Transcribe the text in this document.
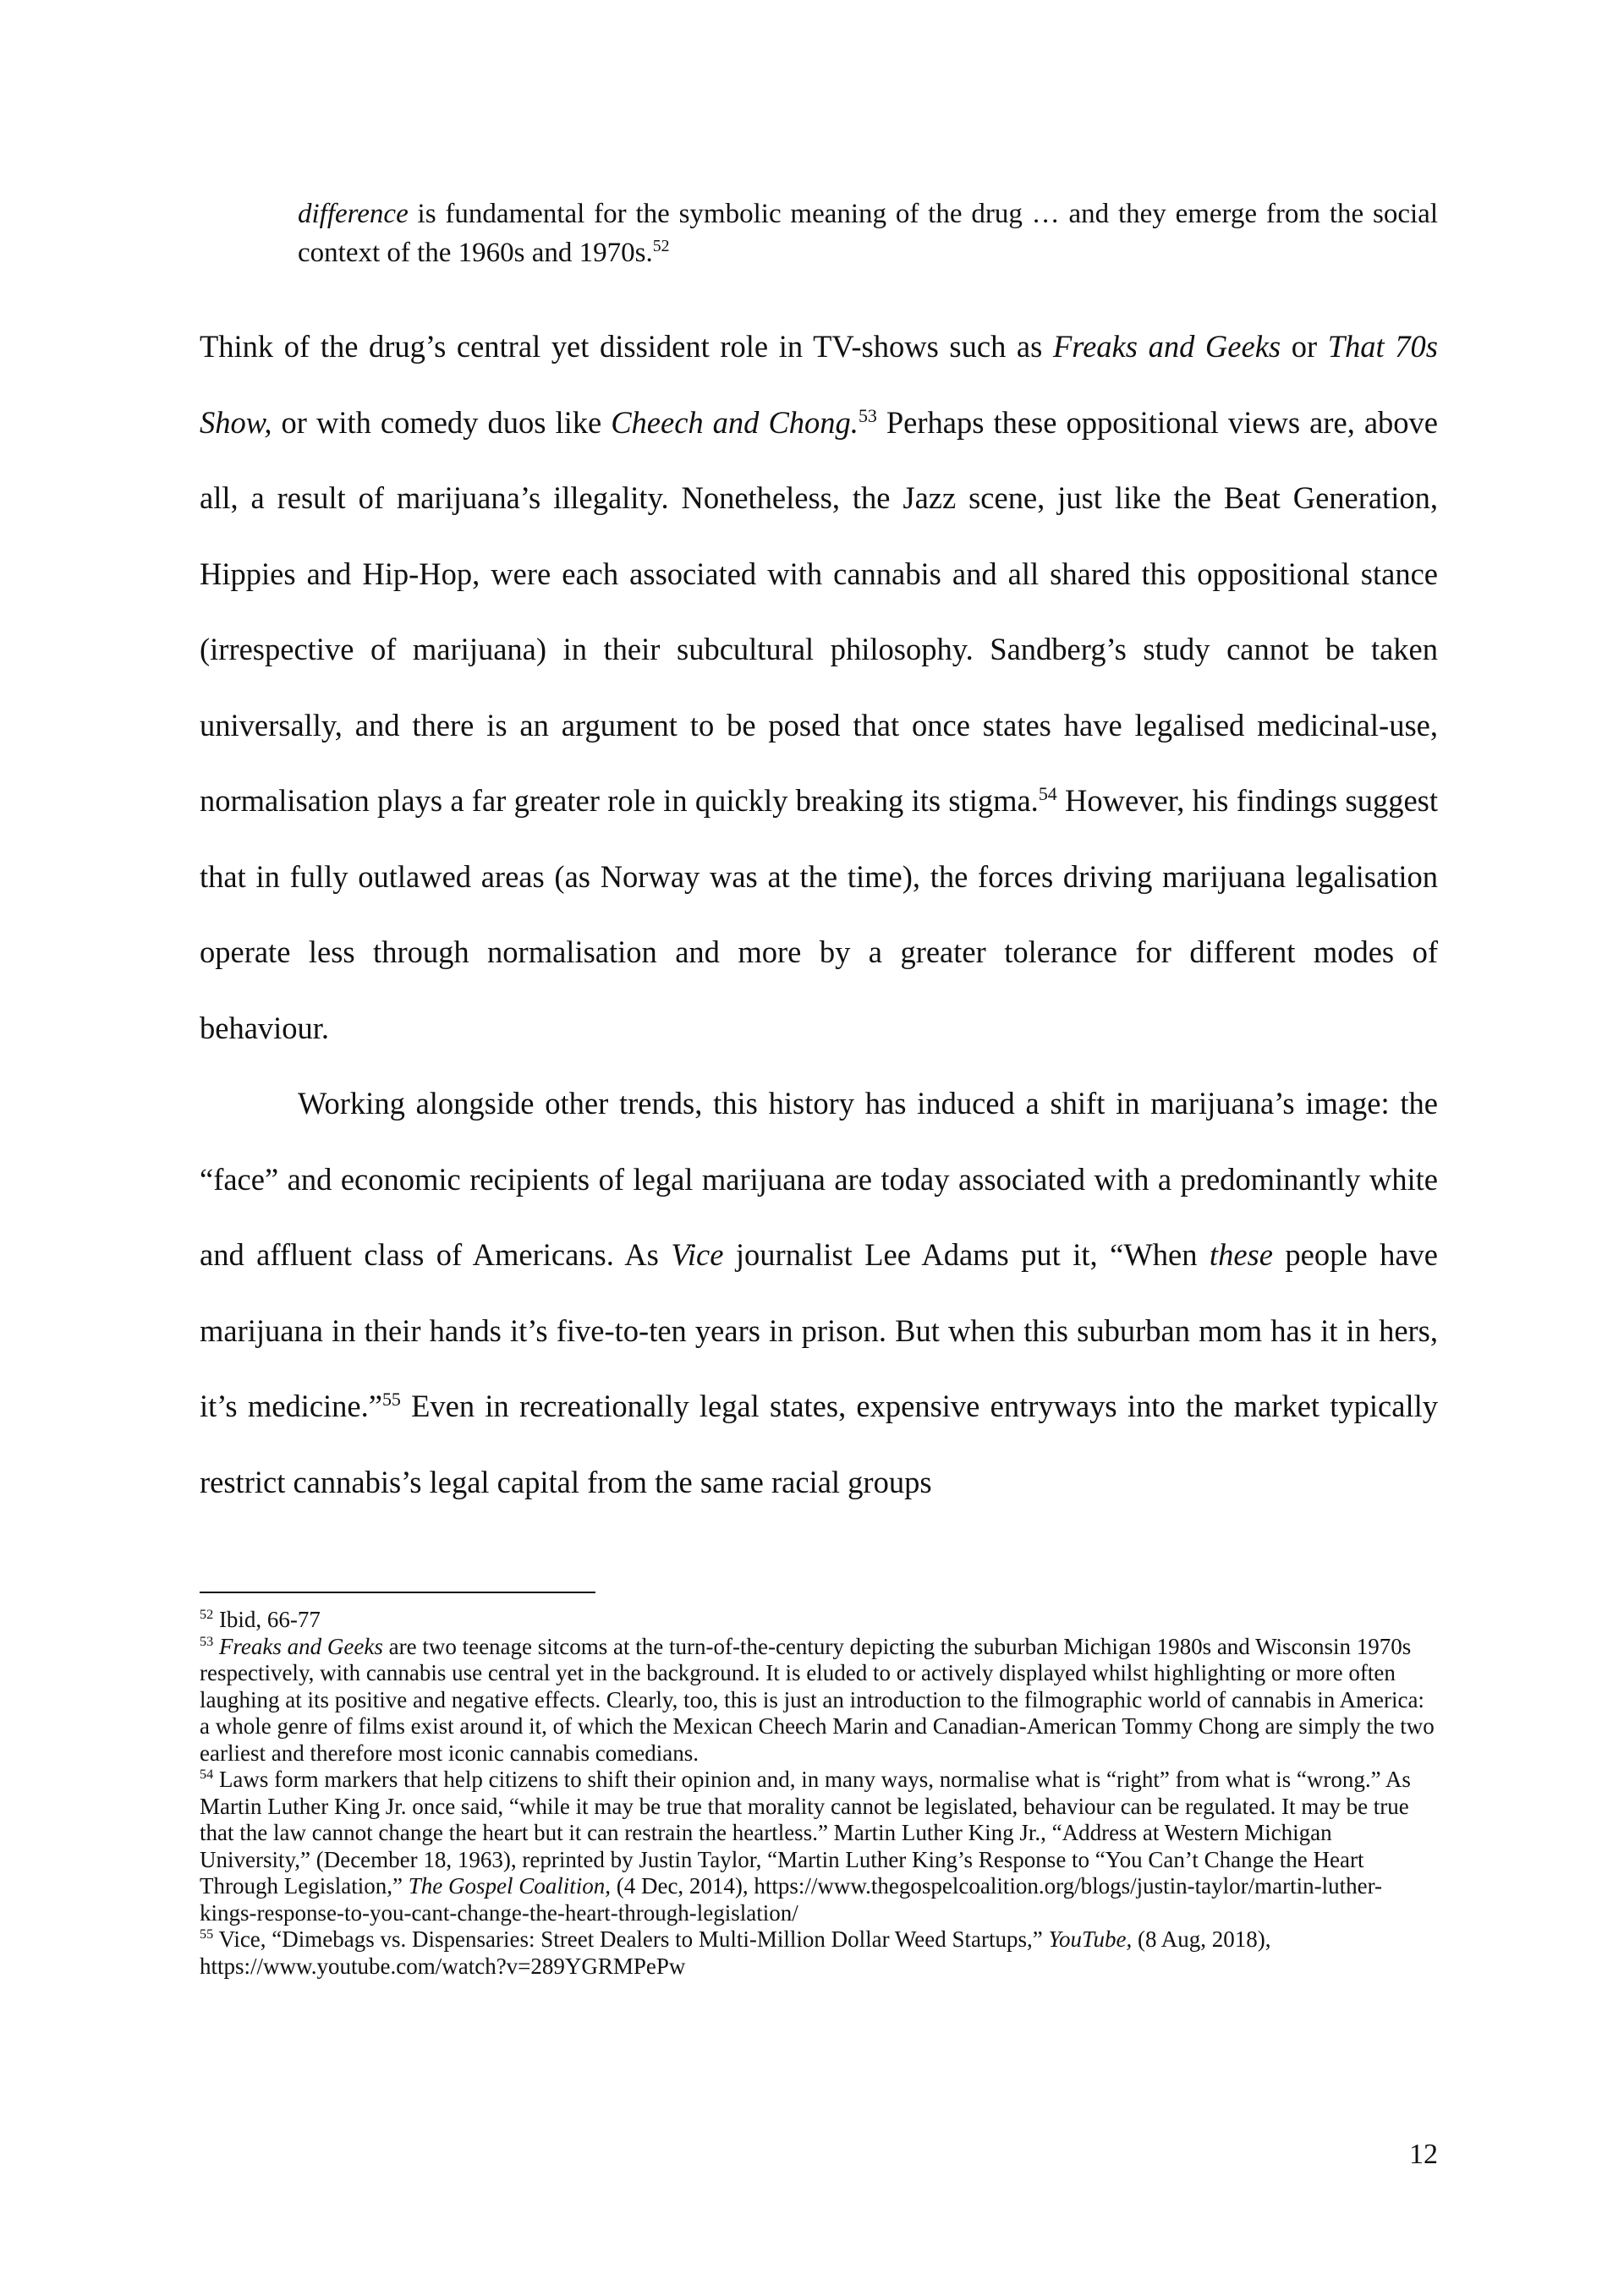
difference is fundamental for the symbolic meaning of the drug … and they emerge from the social context of the 1960s and 1970s.$^{52}$

Think of the drug’s central yet dissident role in TV-shows such as Freaks and Geeks or That 70s Show, or with comedy duos like Cheech and Chong.$^{53}$ Perhaps these oppositional views are, above all, a result of marijuana’s illegality. Nonetheless, the Jazz scene, just like the Beat Generation, Hippies and Hip-Hop, were each associated with cannabis and all shared this oppositional stance (irrespective of marijuana) in their subcultural philosophy. Sandberg’s study cannot be taken universally, and there is an argument to be posed that once states have legalised medicinal-use, normalisation plays a far greater role in quickly breaking its stigma.$^{54}$ However, his findings suggest that in fully outlawed areas (as Norway was at the time), the forces driving marijuana legalisation operate less through normalisation and more by a greater tolerance for different modes of behaviour.

Working alongside other trends, this history has induced a shift in marijuana’s image: the “face” and economic recipients of legal marijuana are today associated with a predominantly white and affluent class of Americans. As Vice journalist Lee Adams put it, “When these people have marijuana in their hands it’s five-to-ten years in prison. But when this suburban mom has it in hers, it’s medicine.”$^{55}$ Even in recreationally legal states, expensive entryways into the market typically restrict cannabis’s legal capital from the same racial groups

$^{52}$ Ibid, 66-77

$^{53}$ Freaks and Geeks are two teenage sitcoms at the turn-of-the-century depicting the suburban Michigan 1980s and Wisconsin 1970s respectively, with cannabis use central yet in the background. It is eluded to or actively displayed whilst highlighting or more often laughing at its positive and negative effects. Clearly, too, this is just an introduction to the filmographic world of cannabis in America: a whole genre of films exist around it, of which the Mexican Cheech Marin and Canadian-American Tommy Chong are simply the two earliest and therefore most iconic cannabis comedians.

$^{54}$ Laws form markers that help citizens to shift their opinion and, in many ways, normalise what is “right” from what is “wrong.” As Martin Luther King Jr. once said, “while it may be true that morality cannot be legislated, behaviour can be regulated. It may be true that the law cannot change the heart but it can restrain the heartless.” Martin Luther King Jr., “Address at Western Michigan University,” (December 18, 1963), reprinted by Justin Taylor, “Martin Luther King’s Response to “You Can’t Change the Heart Through Legislation,” The Gospel Coalition, (4 Dec, 2014), https://www.thegospelcoalition.org/blogs/justin-taylor/martin-luther-kings-response-to-you-cant-change-the-heart-through-legislation/

$^{55}$ Vice, “Dimebags vs. Dispensaries: Street Dealers to Multi-Million Dollar Weed Startups,” YouTube, (8 Aug, 2018), https://www.youtube.com/watch?v=289YGRMPePw

12
